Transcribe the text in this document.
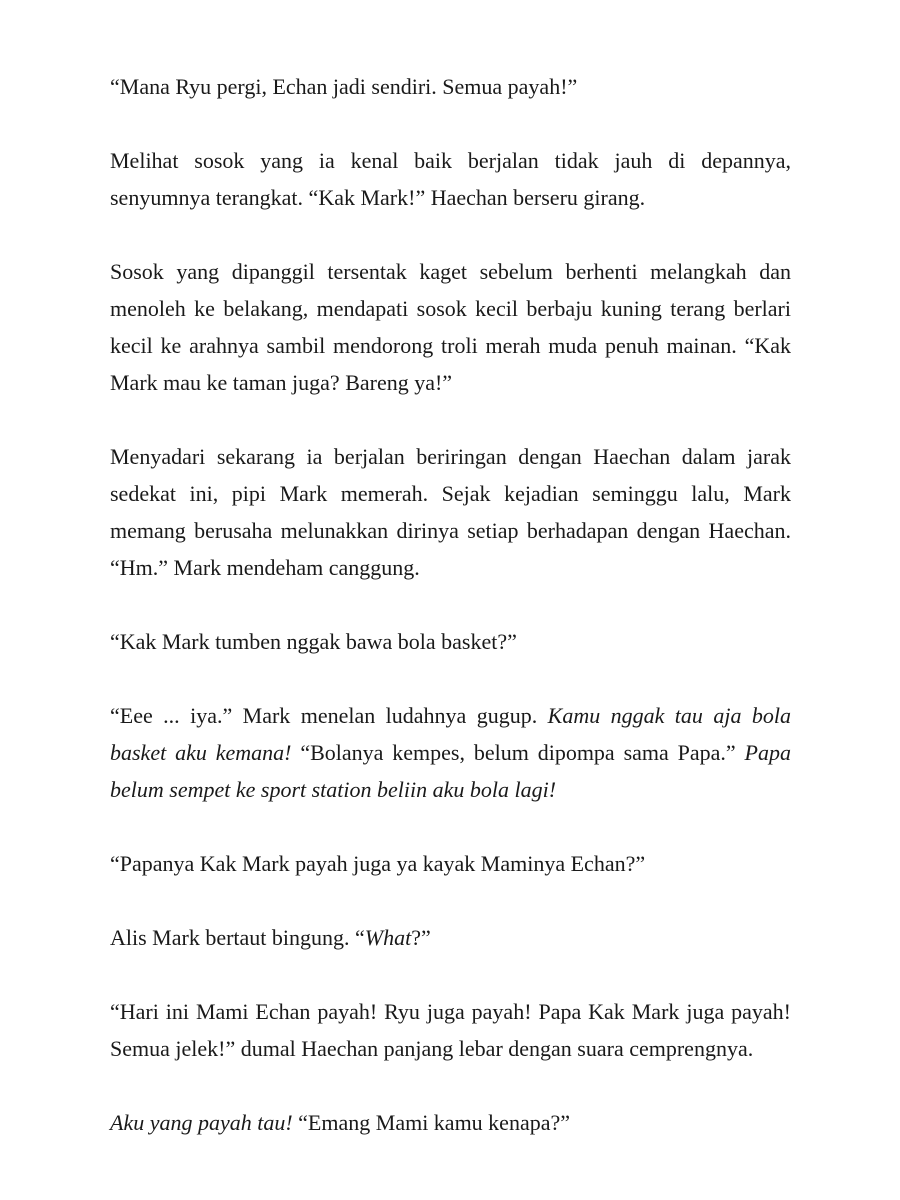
“Mana Ryu pergi, Echan jadi sendiri. Semua payah!”

Melihat sosok yang ia kenal baik berjalan tidak jauh di depannya, senyumnya terangkat. “Kak Mark!” Haechan berseru girang.

Sosok yang dipanggil tersentak kaget sebelum berhenti melangkah dan menoleh ke belakang, mendapati sosok kecil berbaju kuning terang berlari kecil ke arahnya sambil mendorong troli merah muda penuh mainan. “Kak Mark mau ke taman juga? Bareng ya!”

Menyadari sekarang ia berjalan beriringan dengan Haechan dalam jarak sedekat ini, pipi Mark memerah. Sejak kejadian seminggu lalu, Mark memang berusaha melunakkan dirinya setiap berhadapan dengan Haechan. “Hm.” Mark mendeham canggung.

“Kak Mark tumben nggak bawa bola basket?”

“Eee ... iya.” Mark menelan ludahnya gugup. Kamu nggak tau aja bola basket aku kemana! “Bolanya kempes, belum dipompa sama Papa.” Papa belum sempet ke sport station beliin aku bola lagi!

“Papanya Kak Mark payah juga ya kayak Maminya Echan?”

Alis Mark bertaut bingung. “What?”

“Hari ini Mami Echan payah! Ryu juga payah! Papa Kak Mark juga payah! Semua jelek!” dumal Haechan panjang lebar dengan suara cemprengnya.

Aku yang payah tau! “Emang Mami kamu kenapa?”
